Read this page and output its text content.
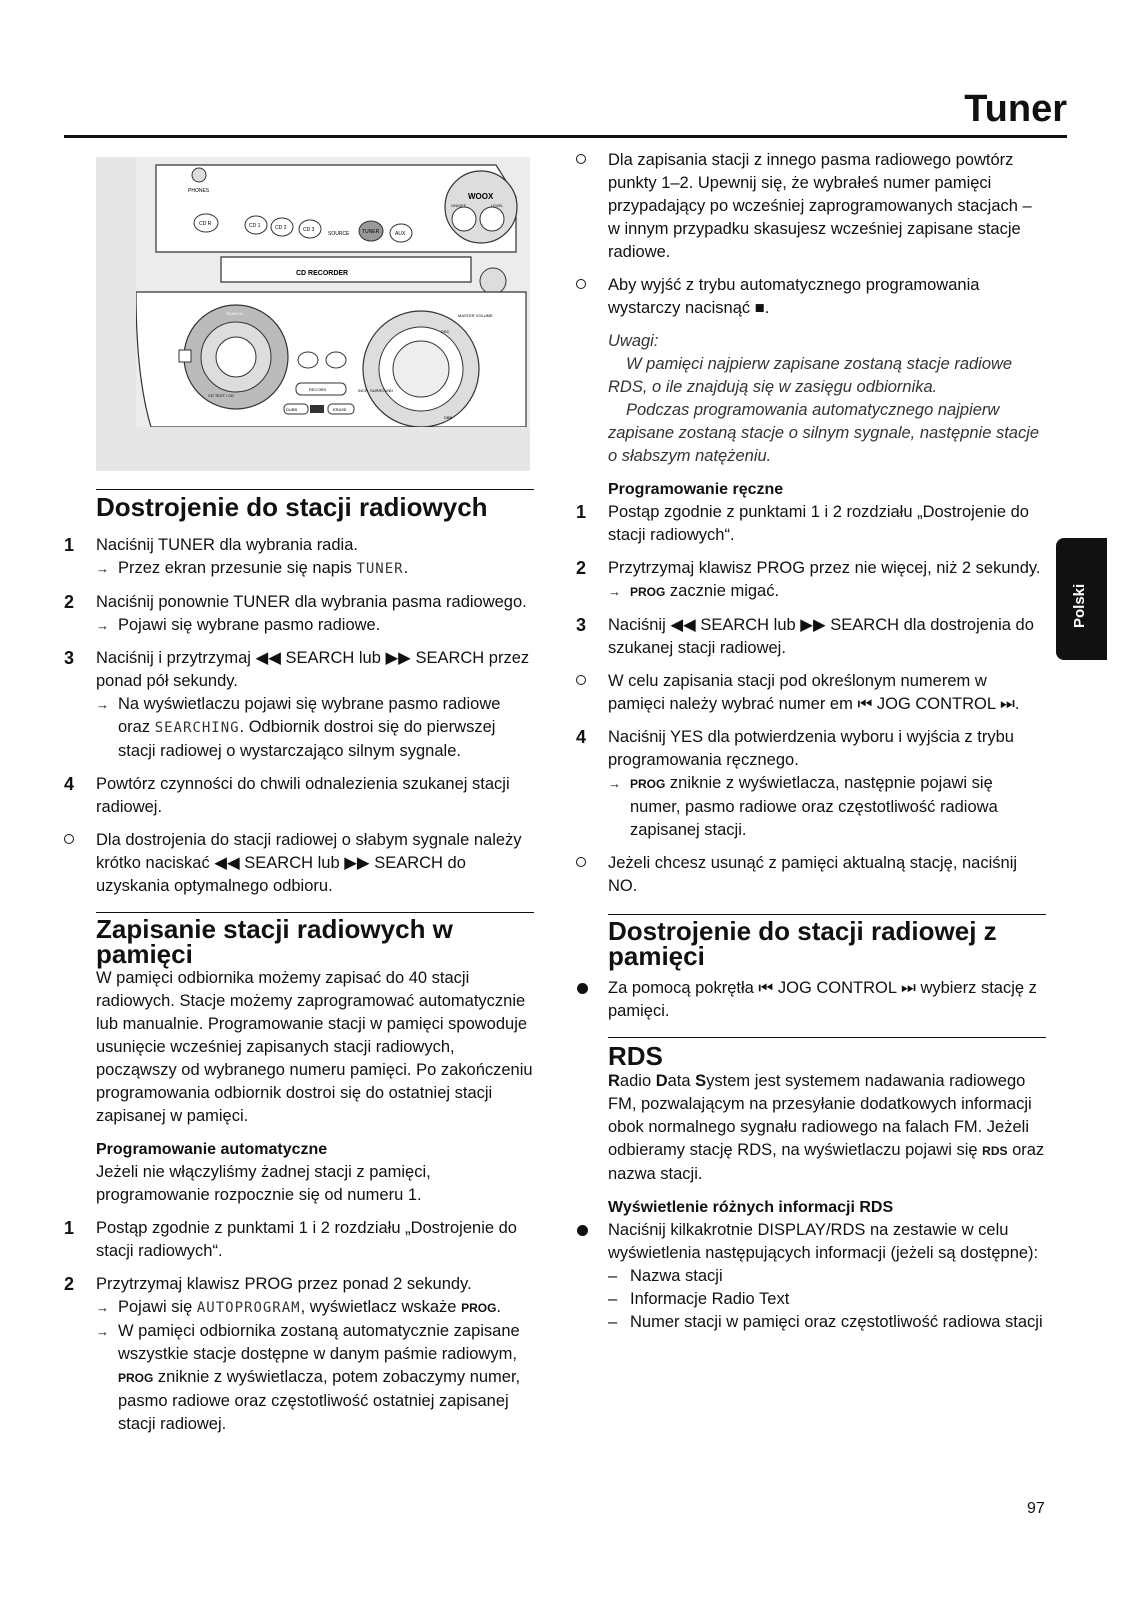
Tuner
PHONES
WOOX
ON/OFF	LEVEL
CD R	CD 1	CD 2	CD 3
SOURCE	TUNER	AUX
CD RECORDER
SEARCH
CD TEXT / CD
RECORD
DUBB	ERASE
MASTER VOLUME
INCR. SURROUND
DSC
DBB
Dostrojenie do stacji radiowych
1 Naciśnij TUNER dla wybrania radia.
→ Przez ekran przesunie się napis TUNER.
2 Naciśnij ponownie TUNER dla wybrania pasma radiowego.
→ Pojawi się wybrane pasmo radiowe.
3 Naciśnij i przytrzymaj ◀◀ SEARCH lub ▶▶ SEARCH przez ponad pół sekundy.
→ Na wyświetlaczu pojawi się wybrane pasmo radiowe oraz SEARCHING. Odbiornik dostroi się do pierwszej stacji radiowej o wystarczająco silnym sygnale.
4 Powtórz czynności do chwili odnalezienia szukanej stacji radiowej.
Dla dostrojenia do stacji radiowej o słabym sygnale należy krótko naciskać ◀◀ SEARCH lub ▶▶ SEARCH do uzyskania optymalnego odbioru.
Zapisanie stacji radiowych w pamięci
W pamięci odbiornika możemy zapisać do 40 stacji radiowych. Stacje możemy zaprogramować automatycznie lub manualnie. Programowanie stacji w pamięci spowoduje usunięcie wcześniej zapisanych stacji radiowych, począwszy od wybranego numeru pamięci. Po zakończeniu programowania odbiornik dostroi się do ostatniej stacji zapisanej w pamięci.
Programowanie automatyczne
Jeżeli nie włączyliśmy żadnej stacji z pamięci, programowanie rozpocznie się od numeru 1.
1 Postąp zgodnie z punktami 1 i 2 rozdziału „Dostrojenie do stacji radiowych“.
2 Przytrzymaj klawisz PROG przez ponad 2 sekundy.
→ Pojawi się AUTOPROGRAM, wyświetlacz wskaże PROG.
→ W pamięci odbiornika zostaną automatycznie zapisane wszystkie stacje dostępne w danym paśmie radiowym, PROG zniknie z wyświetlacza, potem zobaczymy numer, pasmo radiowe oraz częstotliwość ostatniej zapisanej stacji radiowej.
Dla zapisania stacji z innego pasma radiowego powtórz punkty 1–2. Upewnij się, że wybrałeś numer pamięci przypadający po wcześniej zaprogramowanych stacjach – w innym przypadku skasujesz wcześniej zapisane stacje radiowe.
Aby wyjść z trybu automatycznego programowania wystarczy nacisnąć ■.
Uwagi:
W pamięci najpierw zapisane zostaną stacje radiowe RDS, o ile znajdują się w zasięgu odbiornika.
Podczas programowania automatycznego najpierw zapisane zostaną stacje o silnym sygnale, następnie stacje o słabszym natężeniu.
Programowanie ręczne
1 Postąp zgodnie z punktami 1 i 2 rozdziału „Dostrojenie do stacji radiowych“.
2 Przytrzymaj klawisz PROG przez nie więcej, niż 2 sekundy.
→ PROG zacznie migać.
3 Naciśnij ◀◀ SEARCH lub ▶▶ SEARCH dla dostrojenia do szukanej stacji radiowej.
W celu zapisania stacji pod określonym numerem w pamięci należy wybrać numer em ⏮ JOG CONTROL ⏭.
4 Naciśnij YES dla potwierdzenia wyboru i wyjścia z trybu programowania ręcznego.
→ PROG zniknie z wyświetlacza, następnie pojawi się numer, pasmo radiowe oraz częstotliwość radiowa zapisanej stacji.
Jeżeli chcesz usunąć z pamięci aktualną stację, naciśnij NO.
Dostrojenie do stacji radiowej z pamięci
Za pomocą pokrętła ⏮ JOG CONTROL ⏭ wybierz stację z pamięci.
RDS
Radio Data System jest systemem nadawania radiowego FM, pozwalającym na przesyłanie dodatkowych informacji obok normalnego sygnału radiowego na falach FM. Jeżeli odbieramy stację RDS, na wyświetlaczu pojawi się RDS oraz nazwa stacji.
Wyświetlenie różnych informacji RDS
Naciśnij kilkakrotnie DISPLAY/RDS na zestawie w celu wyświetlenia następujących informacji (jeżeli są dostępne):
– Nazwa stacji
– Informacje Radio Text
– Numer stacji w pamięci oraz częstotliwość radiowa stacji
Polski
97
